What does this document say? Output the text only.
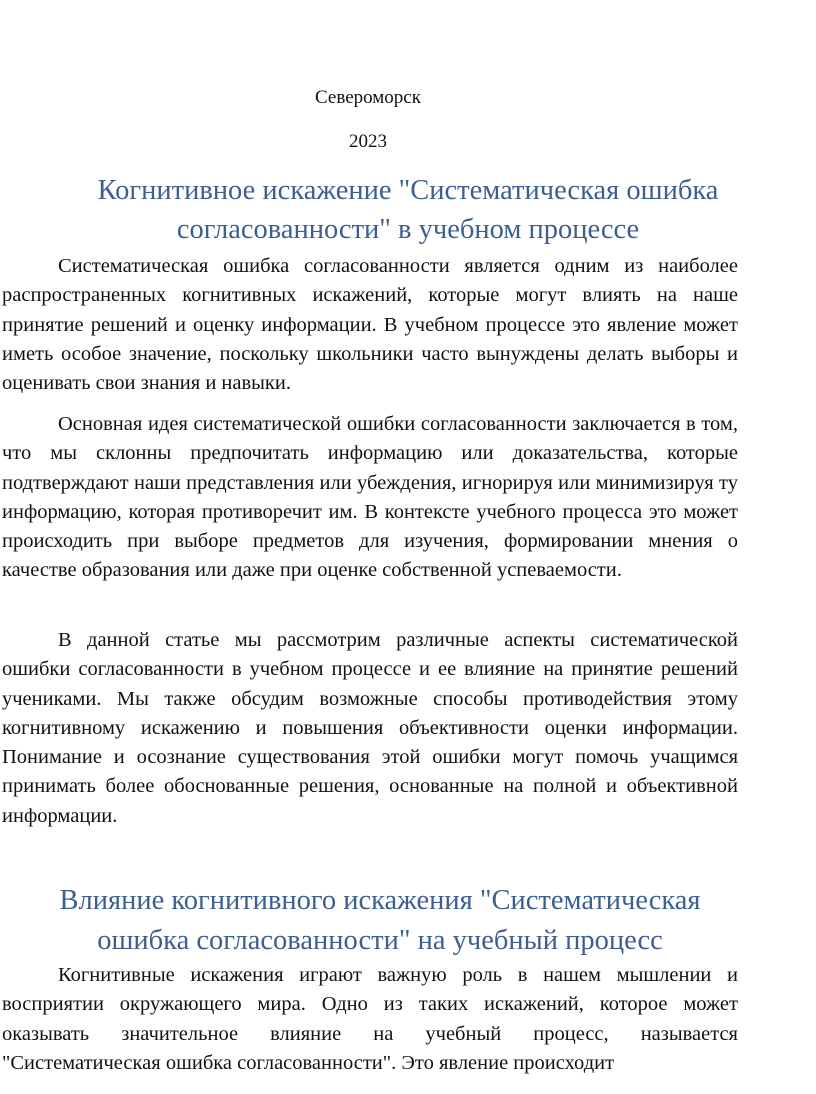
Североморск
2023
Когнитивное искажение "Систематическая ошибка
согласованности" в учебном процессе

Систематическая ошибка согласованности является одним из наиболее распространенных когнитивных искажений, которые могут влиять на наше принятие решений и оценку информации. В учебном процессе это явление может иметь особое значение, поскольку школьники часто вынуждены делать выборы и оценивать свои знания и навыки.

Основная идея систематической ошибки согласованности заключается в том, что мы склонны предпочитать информацию или доказательства, которые подтверждают наши представления или убеждения, игнорируя или минимизируя ту информацию, которая противоречит им. В контексте учебного процесса это может происходить при выборе предметов для изучения, формировании мнения о качестве образования или даже при оценке собственной успеваемости.

В данной статье мы рассмотрим различные аспекты систематической ошибки согласованности в учебном процессе и ее влияние на принятие решений учениками. Мы также обсудим возможные способы противодействия этому когнитивному искажению и повышения объективности оценки информации. Понимание и осознание существования этой ошибки могут помочь учащимся принимать более обоснованные решения, основанные на полной и объективной информации.

Влияние когнитивного искажения "Систематическая
ошибка согласованности" на учебный процесс

Когнитивные искажения играют важную роль в нашем мышлении и восприятии окружающего мира. Одно из таких искажений, которое может оказывать значительное влияние на учебный процесс, называется "Систематическая ошибка согласованности". Это явление происходит
